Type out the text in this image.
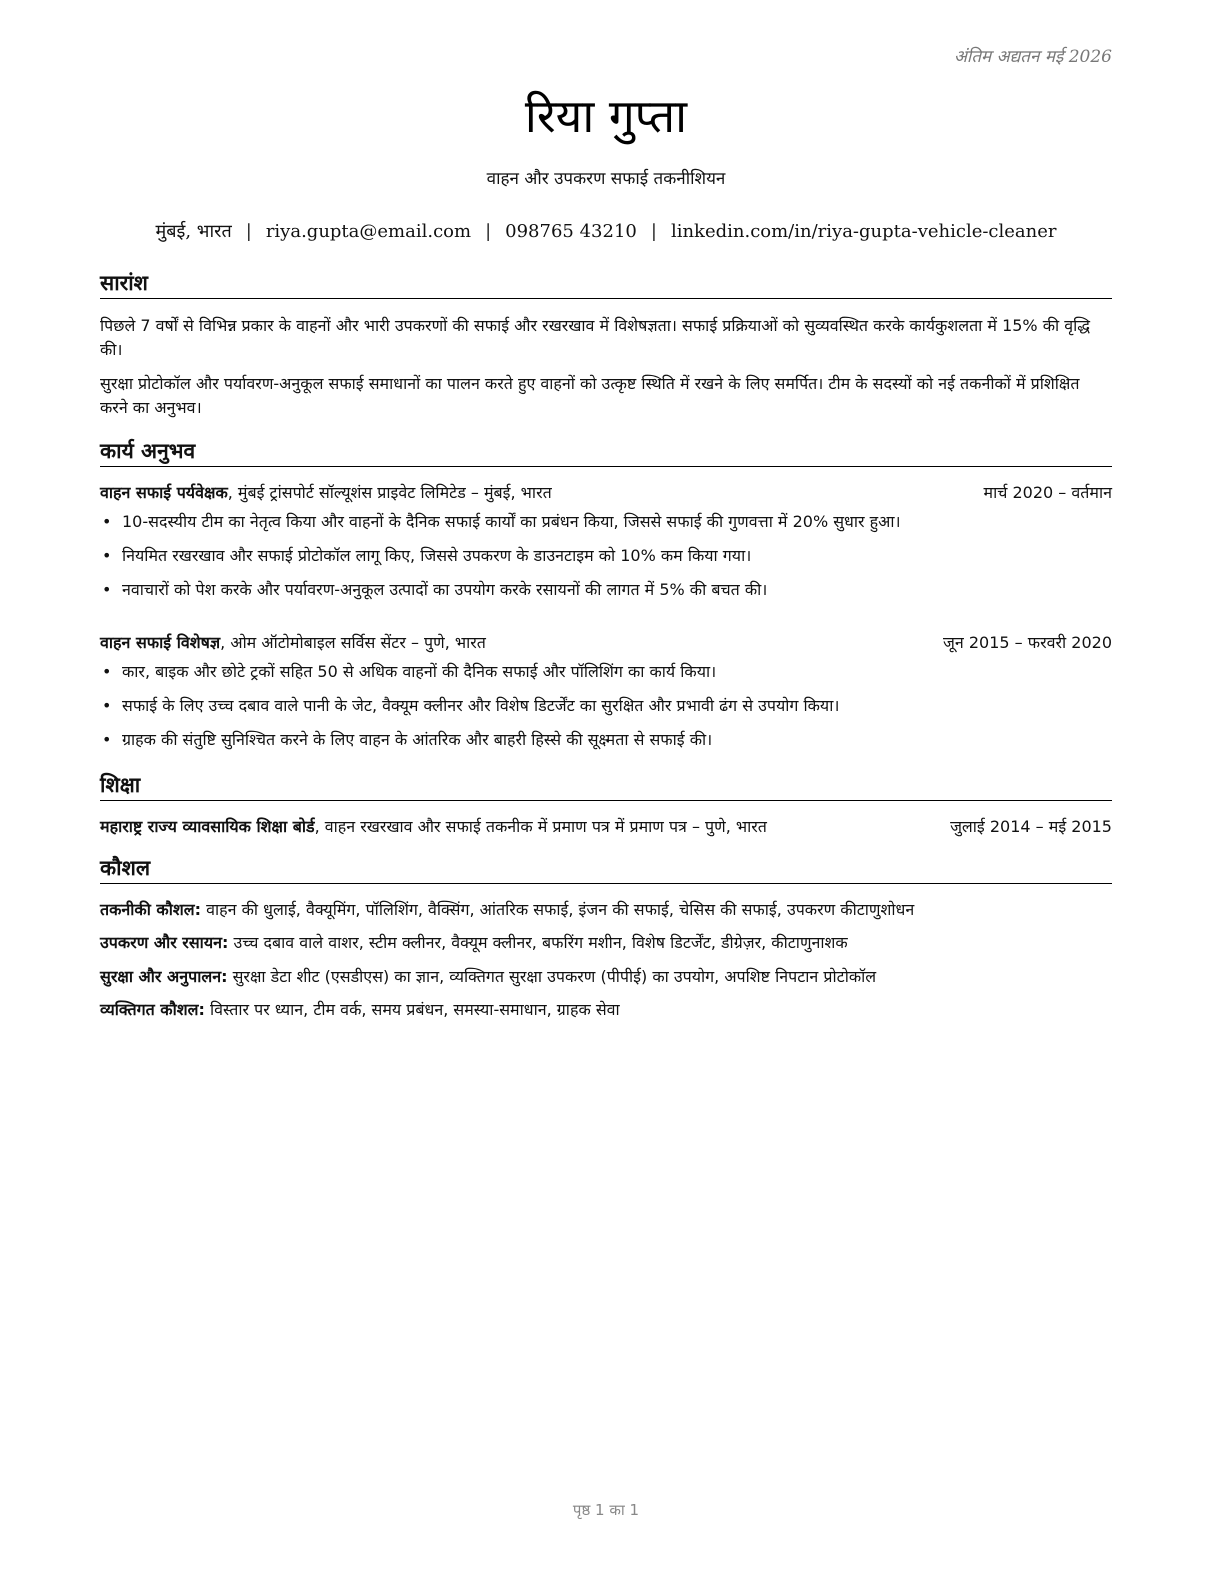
अंतिम अद्यतन मई 2026
रिया गुप्ता
वाहन और उपकरण सफाई तकनीशियन
मुंबई, भारत | riya.gupta@email.com | 098765 43210 | linkedin.com/in/riya-gupta-vehicle-cleaner
सारांश
पिछले 7 वर्षों से विभिन्न प्रकार के वाहनों और भारी उपकरणों की सफाई और रखरखाव में विशेषज्ञता। सफाई प्रक्रियाओं को सुव्यवस्थित करके कार्यकुशलता में 15% की वृद्धि की।
सुरक्षा प्रोटोकॉल और पर्यावरण-अनुकूल सफाई समाधानों का पालन करते हुए वाहनों को उत्कृष्ट स्थिति में रखने के लिए समर्पित। टीम के सदस्यों को नई तकनीकों में प्रशिक्षित करने का अनुभव।
कार्य अनुभव
वाहन सफाई पर्यवेक्षक, मुंबई ट्रांसपोर्ट सॉल्यूशंस प्राइवेट लिमिटेड – मुंबई, भारत	मार्च 2020 – वर्तमान
• 10-सदस्यीय टीम का नेतृत्व किया और वाहनों के दैनिक सफाई कार्यों का प्रबंधन किया, जिससे सफाई की गुणवत्ता में 20% सुधार हुआ।
• नियमित रखरखाव और सफाई प्रोटोकॉल लागू किए, जिससे उपकरण के डाउनटाइम को 10% कम किया गया।
• नवाचारों को पेश करके और पर्यावरण-अनुकूल उत्पादों का उपयोग करके रसायनों की लागत में 5% की बचत की।
वाहन सफाई विशेषज्ञ, ओम ऑटोमोबाइल सर्विस सेंटर – पुणे, भारत	जून 2015 – फरवरी 2020
• कार, बाइक और छोटे ट्रकों सहित 50 से अधिक वाहनों की दैनिक सफाई और पॉलिशिंग का कार्य किया।
• सफाई के लिए उच्च दबाव वाले पानी के जेट, वैक्यूम क्लीनर और विशेष डिटर्जेंट का सुरक्षित और प्रभावी ढंग से उपयोग किया।
• ग्राहक की संतुष्टि सुनिश्चित करने के लिए वाहन के आंतरिक और बाहरी हिस्से की सूक्ष्मता से सफाई की।
शिक्षा
महाराष्ट्र राज्य व्यावसायिक शिक्षा बोर्ड, वाहन रखरखाव और सफाई तकनीक में प्रमाण पत्र में प्रमाण पत्र – पुणे, भारत	जुलाई 2014 – मई 2015
कौशल
तकनीकी कौशल: वाहन की धुलाई, वैक्यूमिंग, पॉलिशिंग, वैक्सिंग, आंतरिक सफाई, इंजन की सफाई, चेसिस की सफाई, उपकरण कीटाणुशोधन
उपकरण और रसायन: उच्च दबाव वाले वाशर, स्टीम क्लीनर, वैक्यूम क्लीनर, बफरिंग मशीन, विशेष डिटर्जेंट, डीग्रेज़र, कीटाणुनाशक
सुरक्षा और अनुपालन: सुरक्षा डेटा शीट (एसडीएस) का ज्ञान, व्यक्तिगत सुरक्षा उपकरण (पीपीई) का उपयोग, अपशिष्ट निपटान प्रोटोकॉल
व्यक्तिगत कौशल: विस्तार पर ध्यान, टीम वर्क, समय प्रबंधन, समस्या-समाधान, ग्राहक सेवा
पृष्ठ 1 का 1
